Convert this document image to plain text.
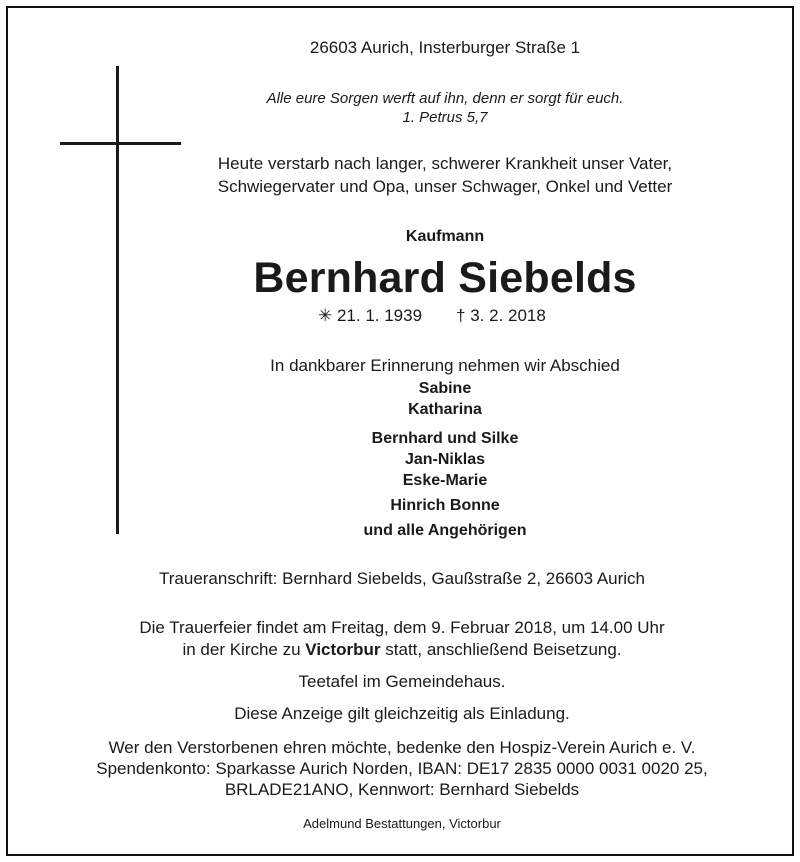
26603 Aurich, Insterburger Straße 1
Alle eure Sorgen werft auf ihn, denn er sorgt für euch.
1. Petrus 5,7
Heute verstarb nach langer, schwerer Krankheit unser Vater,
Schwiegervater und Opa, unser Schwager, Onkel und Vetter
Kaufmann
Bernhard Siebelds
✳ 21. 1. 1939 † 3. 2. 2018
In dankbarer Erinnerung nehmen wir Abschied
Sabine
Katharina
Bernhard und Silke
Jan-Niklas
Eske-Marie
Hinrich Bonne
und alle Angehörigen
Traueranschrift: Bernhard Siebelds, Gaußstraße 2, 26603 Aurich
Die Trauerfeier findet am Freitag, dem 9. Februar 2018, um 14.00 Uhr
in der Kirche zu Victorbur statt, anschließend Beisetzung.
Teetafel im Gemeindehaus.
Diese Anzeige gilt gleichzeitig als Einladung.
Wer den Verstorbenen ehren möchte, bedenke den Hospiz-Verein Aurich e. V.
Spendenkonto: Sparkasse Aurich Norden, IBAN: DE17 2835 0000 0031 0020 25,
BRLADE21ANO, Kennwort: Bernhard Siebelds
Adelmund Bestattungen, Victorbur
